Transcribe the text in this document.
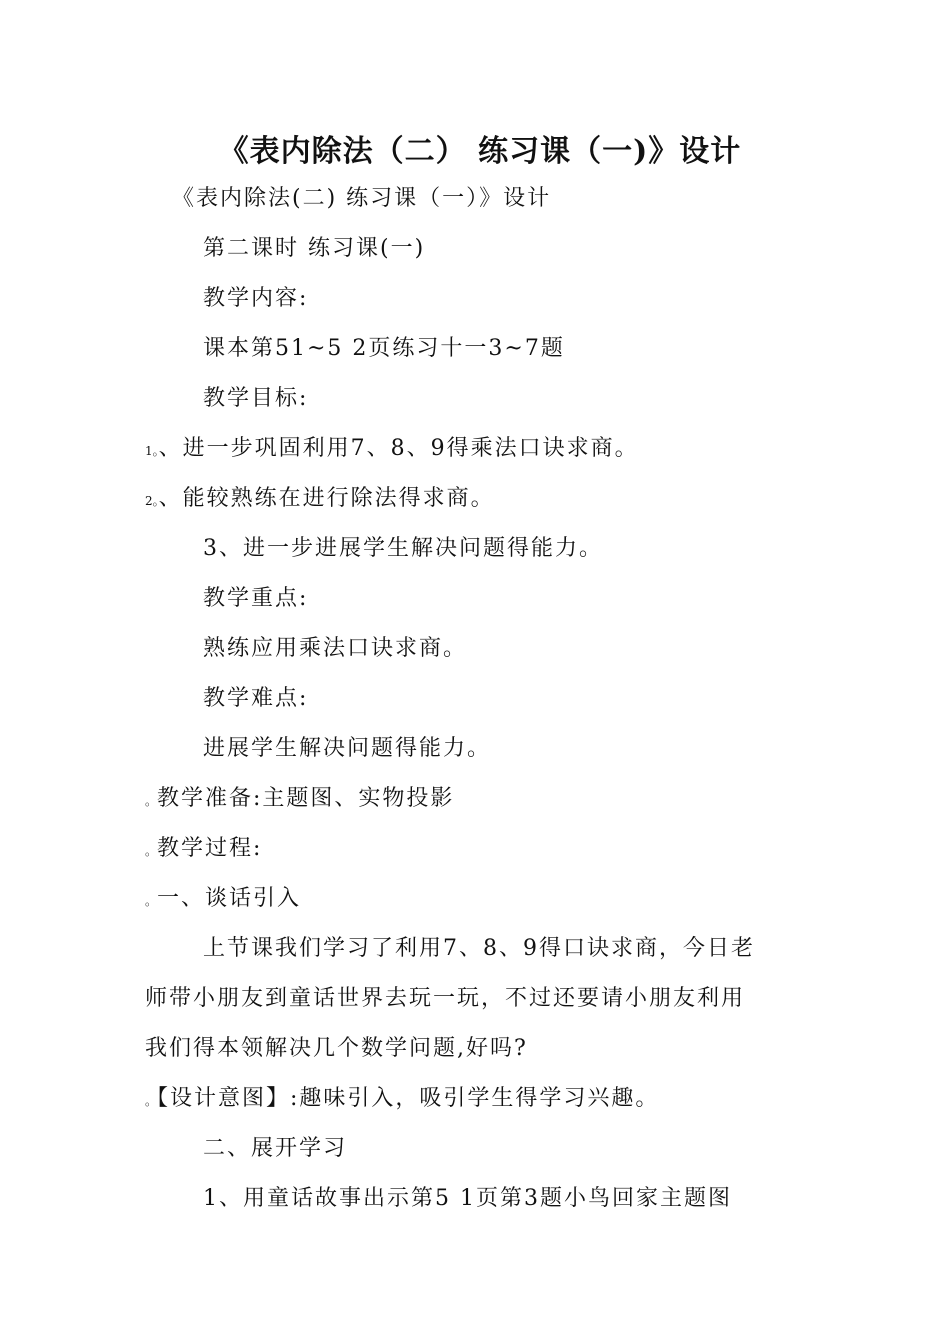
《表内除法（二） 练习课（一)》设计
《表内除法(二) 练习课（一）》设计
第二课时 练习课(一)
教学内容:
课本第51~5 2页练习十一3~7题
教学目标:
1。、进一步巩固利用7、8、9得乘法口诀求商。
2。、能较熟练在进行除法得求商。
3、进一步进展学生解决问题得能力。
教学重点:
熟练应用乘法口诀求商。
教学难点:
进展学生解决问题得能力。
。教学准备:主题图、实物投影
。教学过程:
。一、谈话引入
上节课我们学习了利用7、8、9得口诀求商，今日老
师带小朋友到童话世界去玩一玩，不过还要请小朋友利用
我们得本领解决几个数学问题,好吗?
。【设计意图】:趣味引入，吸引学生得学习兴趣。
二、展开学习
1、用童话故事出示第5 1页第3题小鸟回家主题图
